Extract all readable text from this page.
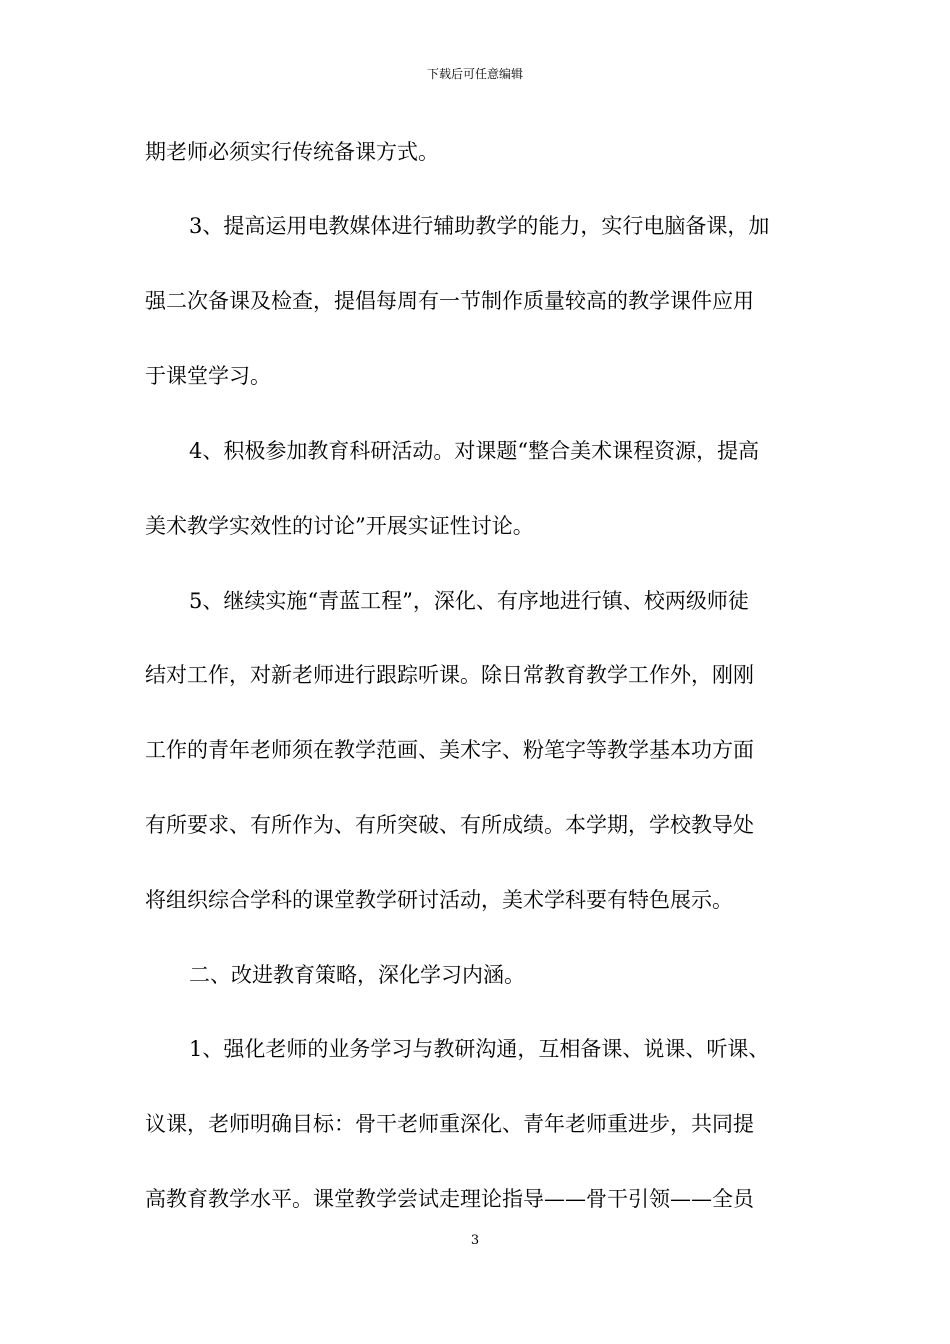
下载后可任意编辑
期老师必须实行传统备课方式。
3、提高运用电教媒体进行辅助教学的能力，实行电脑备课，加
强二次备课及检查，提倡每周有一节制作质量较高的教学课件应用
于课堂学习。
4、积极参加教育科研活动。对课题“整合美术课程资源，提高
美术教学实效性的讨论”开展实证性讨论。
5、继续实施“青蓝工程”，深化、有序地进行镇、校两级师徒
结对工作，对新老师进行跟踪听课。除日常教育教学工作外，刚刚
工作的青年老师须在教学范画、美术字、粉笔字等教学基本功方面
有所要求、有所作为、有所突破、有所成绩。本学期，学校教导处
将组织综合学科的课堂教学研讨活动，美术学科要有特色展示。
二、改进教育策略，深化学习内涵。
1、强化老师的业务学习与教研沟通，互相备课、说课、听课、
议课，老师明确目标：骨干老师重深化、青年老师重进步，共同提
高教育教学水平。课堂教学尝试走理论指导——骨干引领——全员
3
